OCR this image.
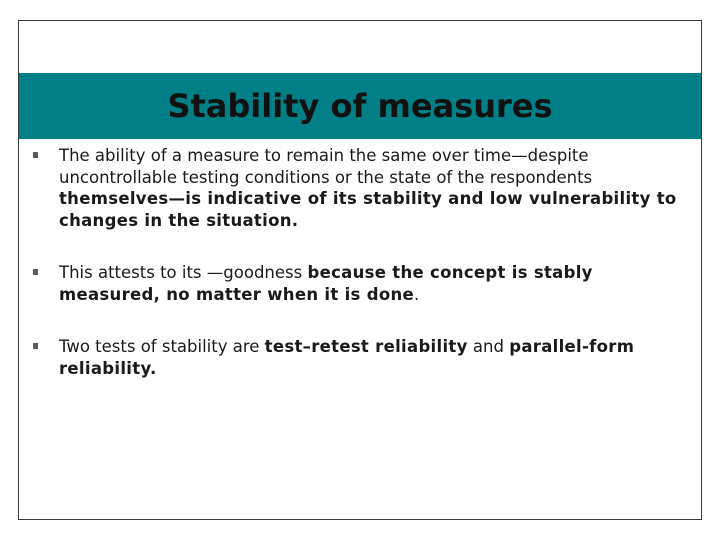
Stability of measures
The ability of a measure to remain the same over time—despite uncontrollable testing conditions or the state of the respondents themselves—is indicative of its stability and low vulnerability to changes in the situation.
This attests to its —goodness because the concept is stably measured, no matter when it is done.
Two tests of stability are test–retest reliability and parallel-form reliability.
